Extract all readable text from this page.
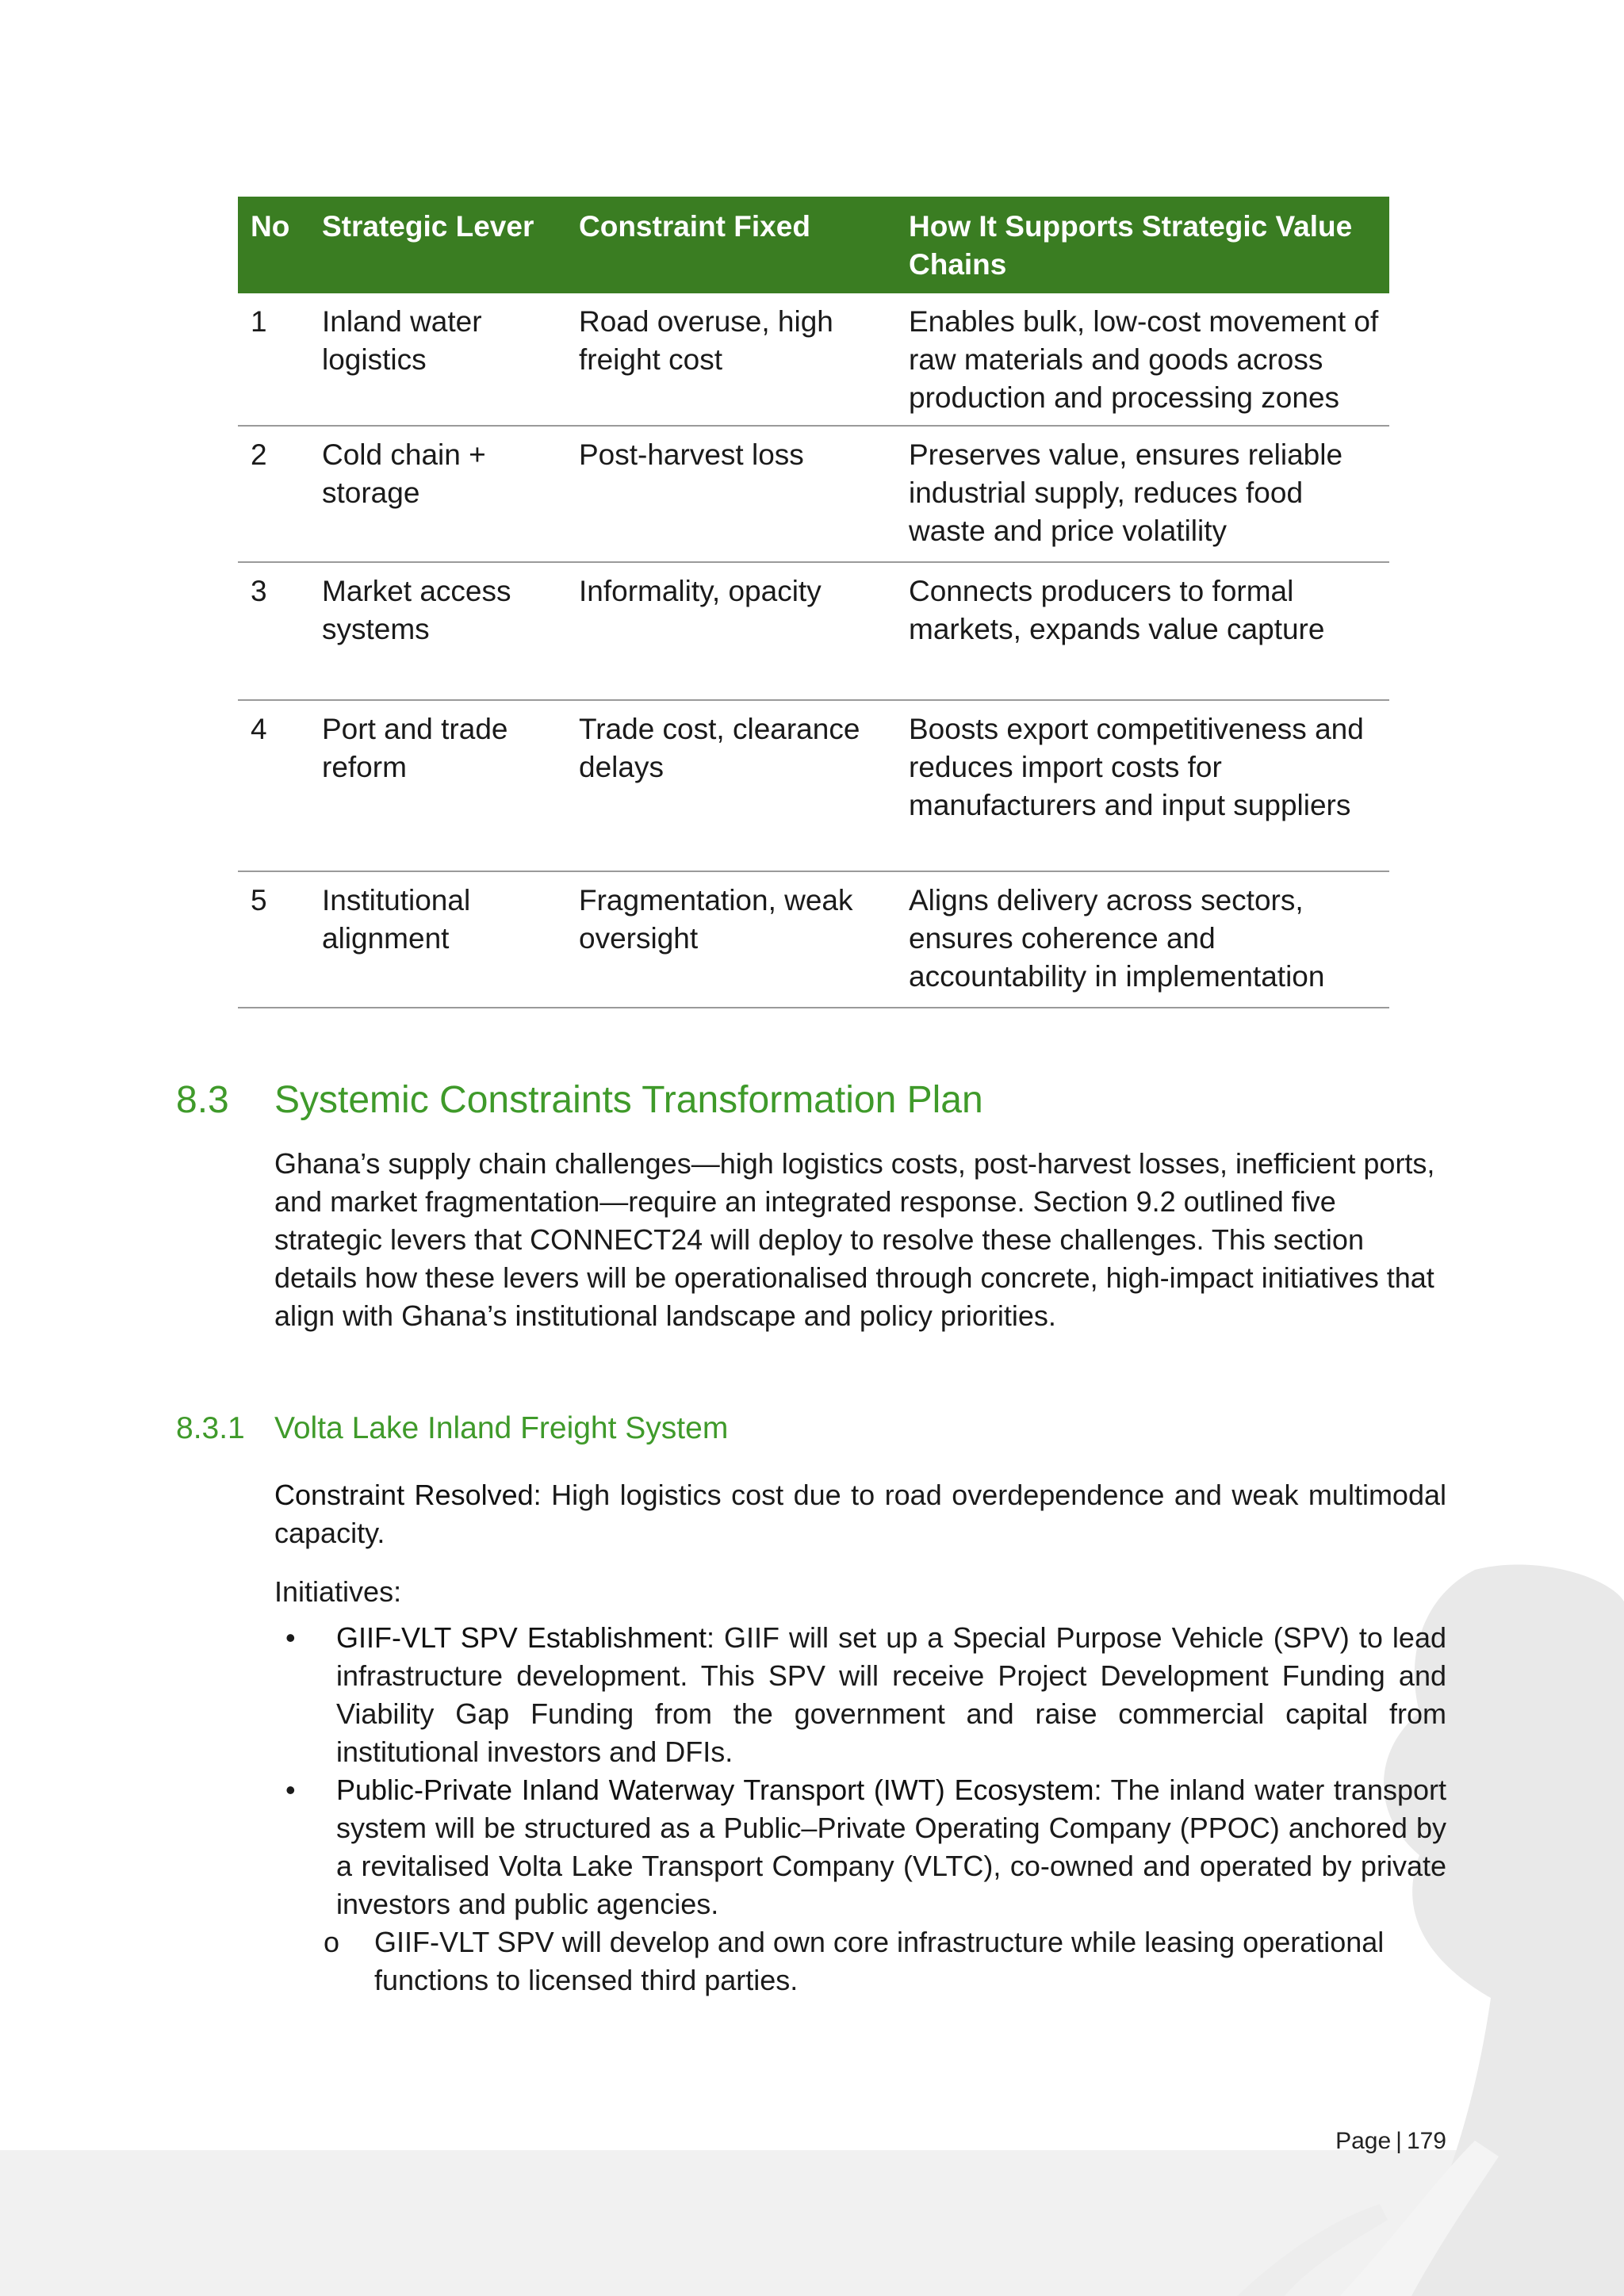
No	Strategic Lever	Constraint Fixed	How It Supports Strategic Value Chains
1	Inland water logistics	Road overuse, high freight cost	Enables bulk, low-cost movement of raw materials and goods across production and processing zones
2	Cold chain + storage	Post-harvest loss	Preserves value, ensures reliable industrial supply, reduces food waste and price volatility
3	Market access systems	Informality, opacity	Connects producers to formal markets, expands value capture
4	Port and trade reform	Trade cost, clearance delays	Boosts export competitiveness and reduces import costs for manufacturers and input suppliers
5	Institutional alignment	Fragmentation, weak oversight	Aligns delivery across sectors, ensures coherence and accountability in implementation
8.3 Systemic Constraints Transformation Plan

Ghana’s supply chain challenges—high logistics costs, post-harvest losses, inefficient ports, and market fragmentation—require an integrated response. Section 9.2 outlined five strategic levers that CONNECT24 will deploy to resolve these challenges. This section details how these levers will be operationalised through concrete, high-impact initiatives that align with Ghana’s institutional landscape and policy priorities.

8.3.1 Volta Lake Inland Freight System

Constraint Resolved: High logistics cost due to road overdependence and weak multimodal capacity.

Initiatives:

• GIIF-VLT SPV Establishment: GIIF will set up a Special Purpose Vehicle (SPV) to lead infrastructure development. This SPV will receive Project Development Funding and Viability Gap Funding from the government and raise commercial capital from institutional investors and DFIs.
• Public-Private Inland Waterway Transport (IWT) Ecosystem: The inland water transport system will be structured as a Public–Private Operating Company (PPOC) anchored by a revitalised Volta Lake Transport Company (VLTC), co-owned and operated by private investors and public agencies.
o GIIF-VLT SPV will develop and own core infrastructure while leasing operational functions to licensed third parties.
Page | 179
